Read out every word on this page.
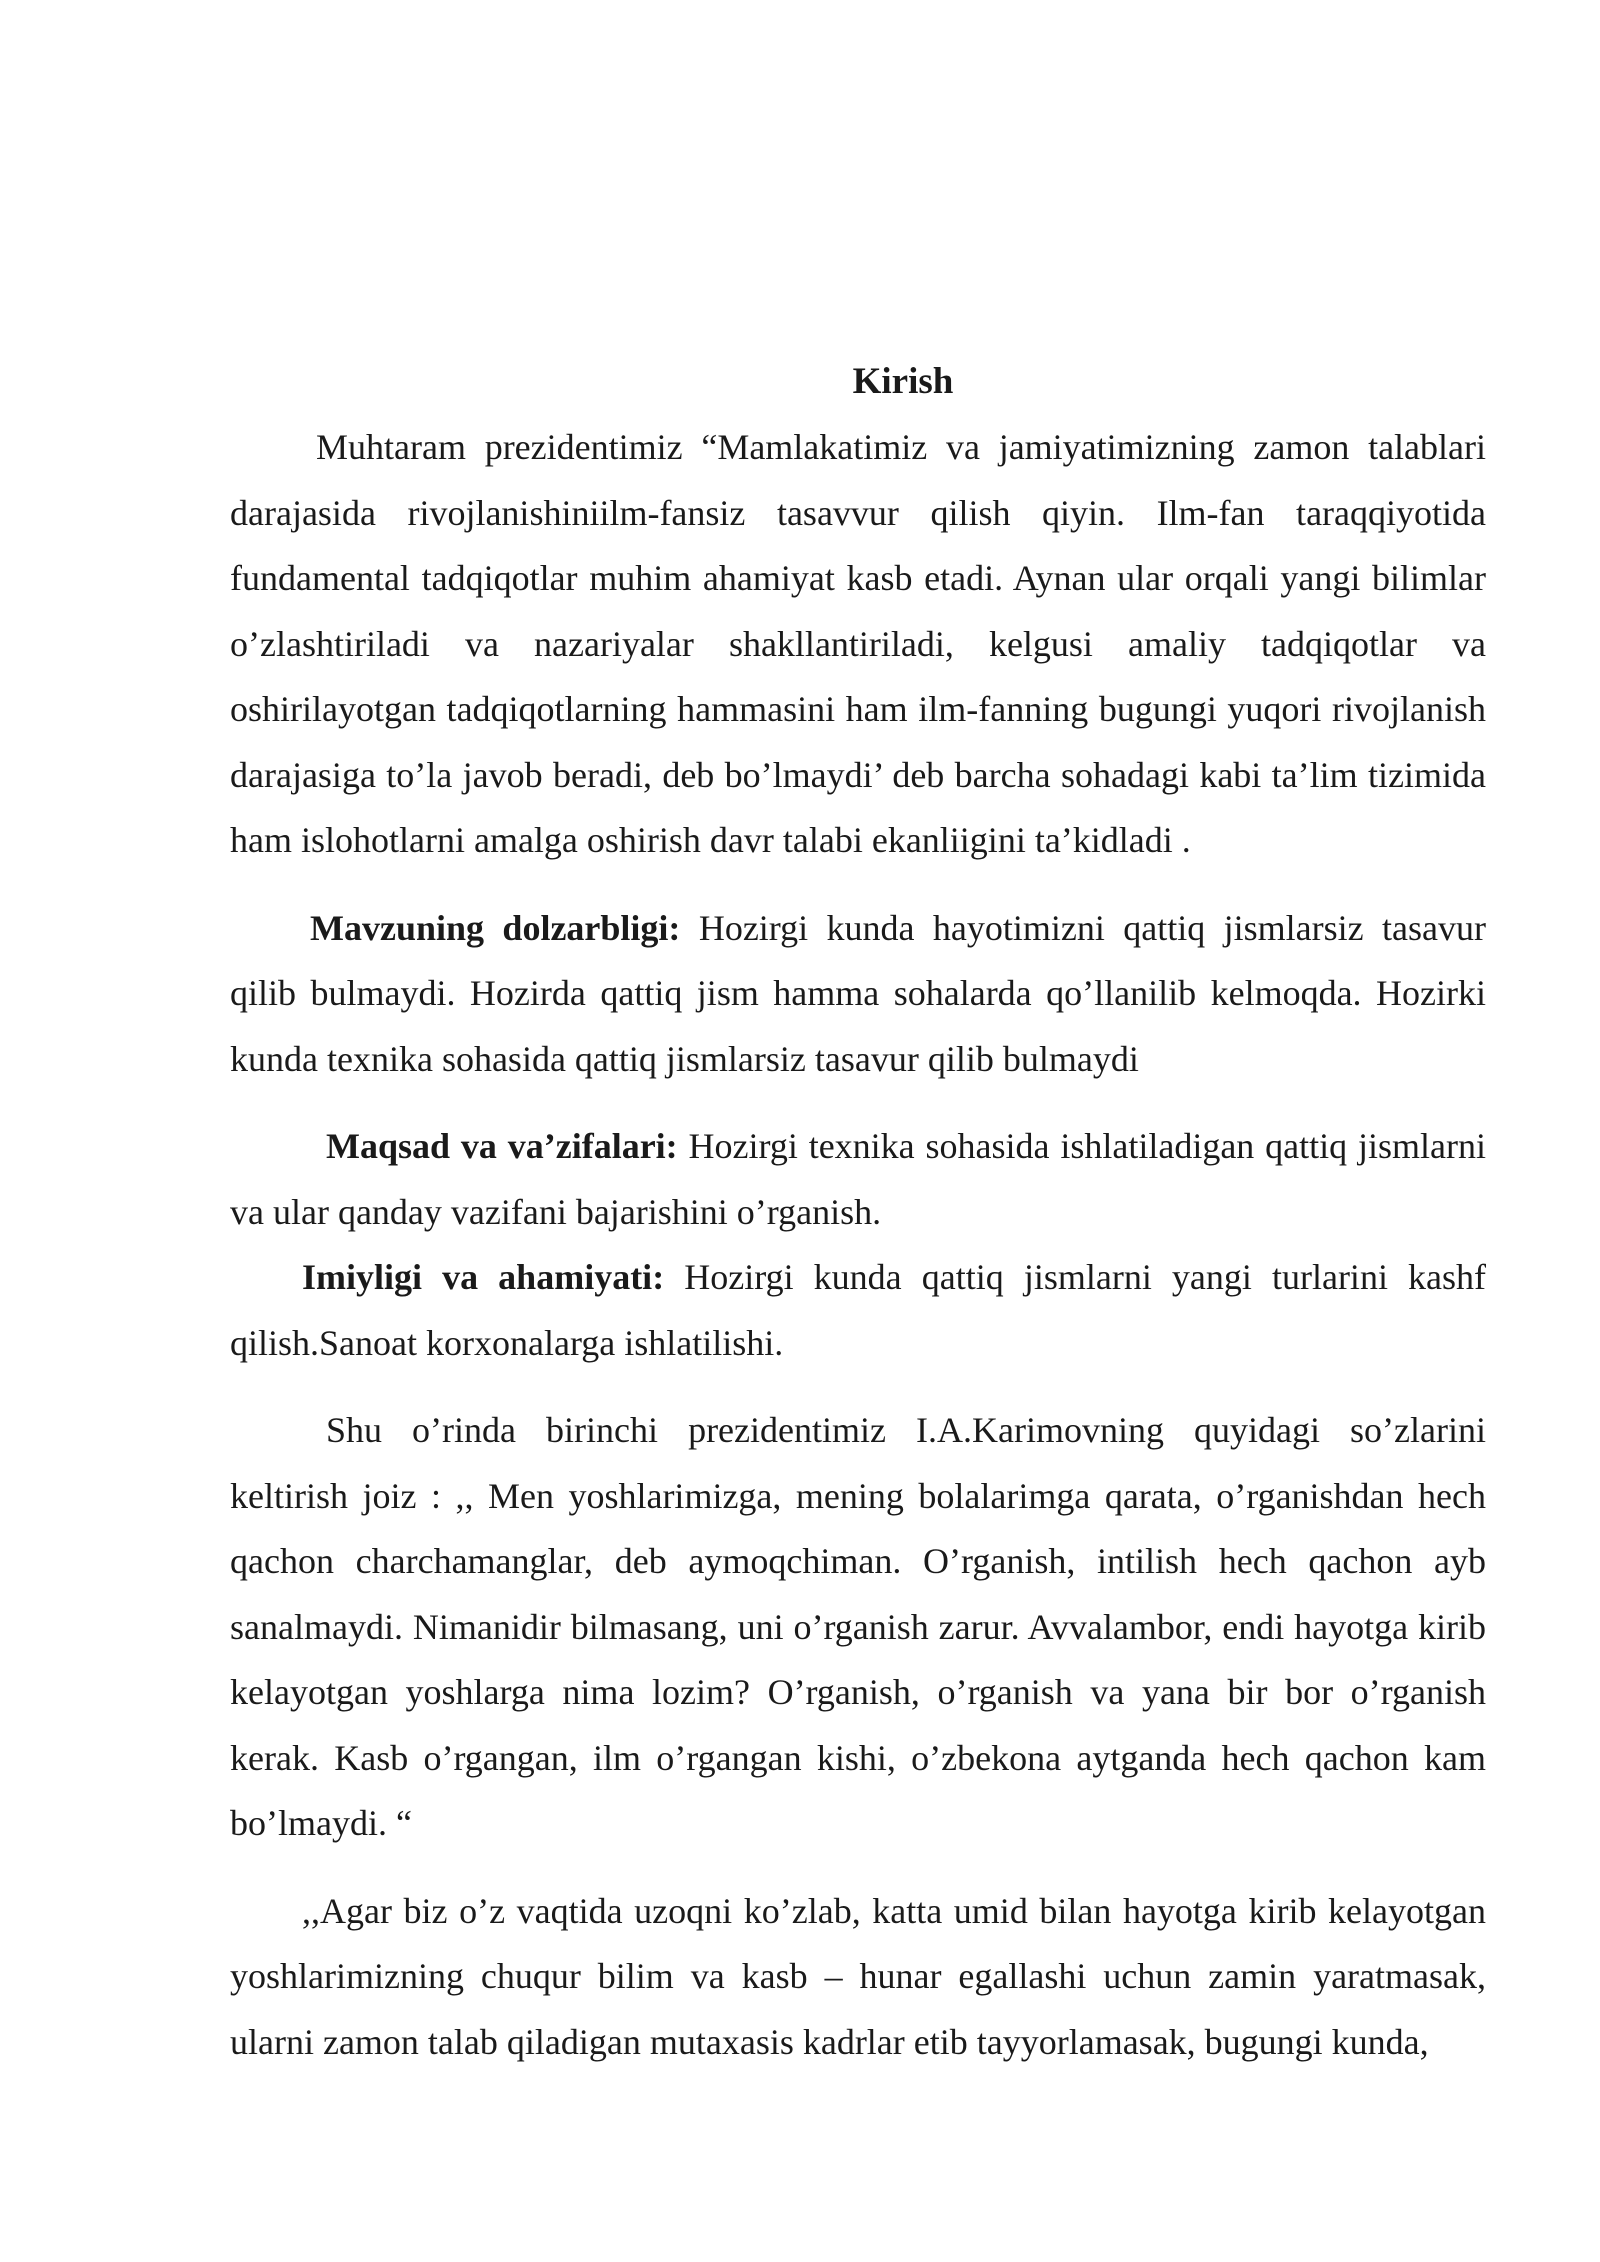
Kirish

Muhtaram prezidentimiz “Mamlakatimiz va jamiyatimizning zamon talablari darajasida rivojlanishiniilm-fansiz tasavvur qilish qiyin. Ilm-fan taraqqiyotida fundamental tadqiqotlar muhim ahamiyat kasb etadi. Aynan ular orqali yangi bilimlar o’zlashtiriladi va nazariyalar shakllantiriladi, kelgusi amaliy tadqiqotlar va oshirilayotgan tadqiqotlarning hammasini ham ilm-fanning bugungi yuqori rivojlanish darajasiga to’la javob beradi, deb bo’lmaydi’ deb barcha sohadagi kabi ta’lim tizimida ham islohotlarni amalga oshirish davr talabi ekanliigini ta’kidladi .

Mavzuning dolzarbligi: Hozirgi kunda hayotimizni qattiq jismlarsiz tasavur qilib bulmaydi. Hozirda qattiq jism hamma sohalarda qo’llanilib kelmoqda. Hozirki kunda texnika sohasida qattiq jismlarsiz tasavur qilib bulmaydi

Maqsad va va’zifalari: Hozirgi texnika sohasida ishlatiladigan qattiq jismlarni va ular qanday vazifani bajarishini o’rganish.

Imiyligi va ahamiyati: Hozirgi kunda qattiq jismlarni yangi turlarini kashf qilish.Sanoat korxonalarga ishlatilishi.

Shu o’rinda birinchi prezidentimiz I.A.Karimovning quyidagi so’zlarini keltirish joiz : ,, Men yoshlarimizga, mening bolalarimga qarata, o’rganishdan hech qachon charchamanglar, deb aymoqchiman. O’rganish, intilish hech qachon ayb sanalmaydi. Nimanidir bilmasang, uni o’rganish zarur. Avvalambor, endi hayotga kirib kelayotgan yoshlarga nima lozim? O’rganish, o’rganish va yana bir bor o’rganish kerak. Kasb o’rgangan, ilm o’rgangan kishi, o’zbekona aytganda hech qachon kam bo’lmaydi. “

,,Agar biz o’z vaqtida uzoqni ko’zlab, katta umid bilan hayotga kirib kelayotgan yoshlarimizning chuqur bilim va kasb – hunar egallashi uchun zamin yaratmasak, ularni zamon talab qiladigan mutaxasis kadrlar etib tayyorlamasak, bugungi kunda,
